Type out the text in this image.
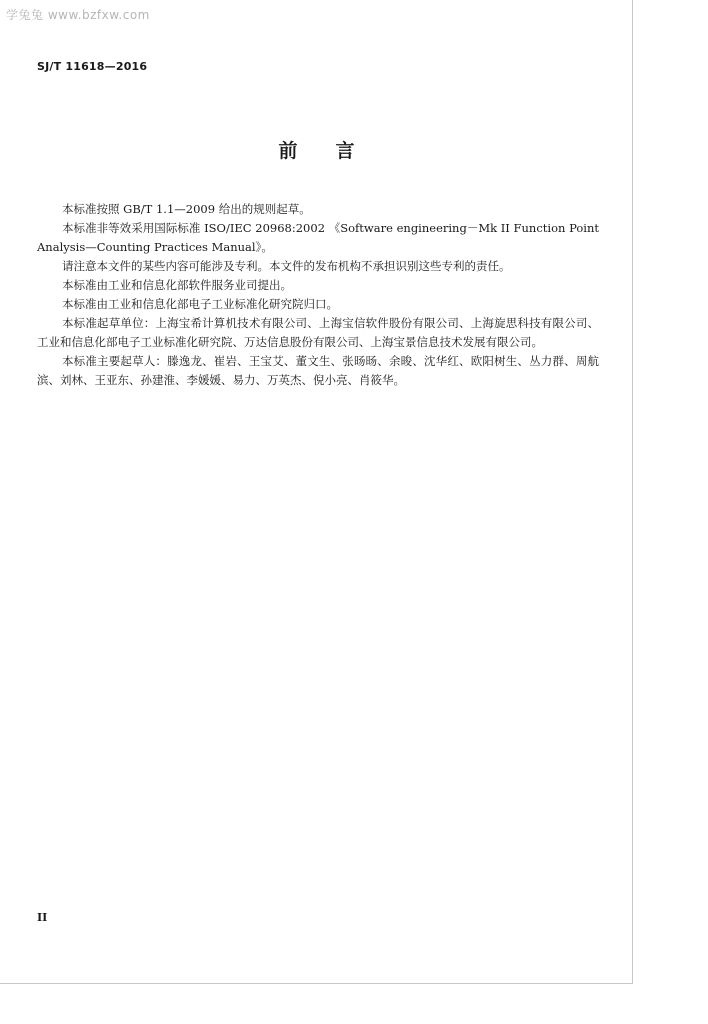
学兔兔 www.bzfxw.com
SJ/T 11618—2016
前 言

本标准按照 GB/T 1.1—2009 给出的规则起草。

本标准非等效采用国际标准 ISO/IEC 20968:2002 《Software engineering－Mk II Function Point Analysis—Counting Practices Manual》。

请注意本文件的某些内容可能涉及专利。本文件的发布机构不承担识别这些专利的责任。

本标准由工业和信息化部软件服务业司提出。

本标准由工业和信息化部电子工业标准化研究院归口。

本标准起草单位：上海宝希计算机技术有限公司、上海宝信软件股份有限公司、上海旋思科技有限公司、工业和信息化部电子工业标准化研究院、万达信息股份有限公司、上海宝景信息技术发展有限公司。

本标准主要起草人：滕逸龙、崔岩、王宝艾、董文生、张旸旸、余晙、沈华红、欧阳树生、丛力群、周航滨、刘林、王亚东、孙建淮、李媛媛、易力、万英杰、倪小亮、肖筱华。

II
